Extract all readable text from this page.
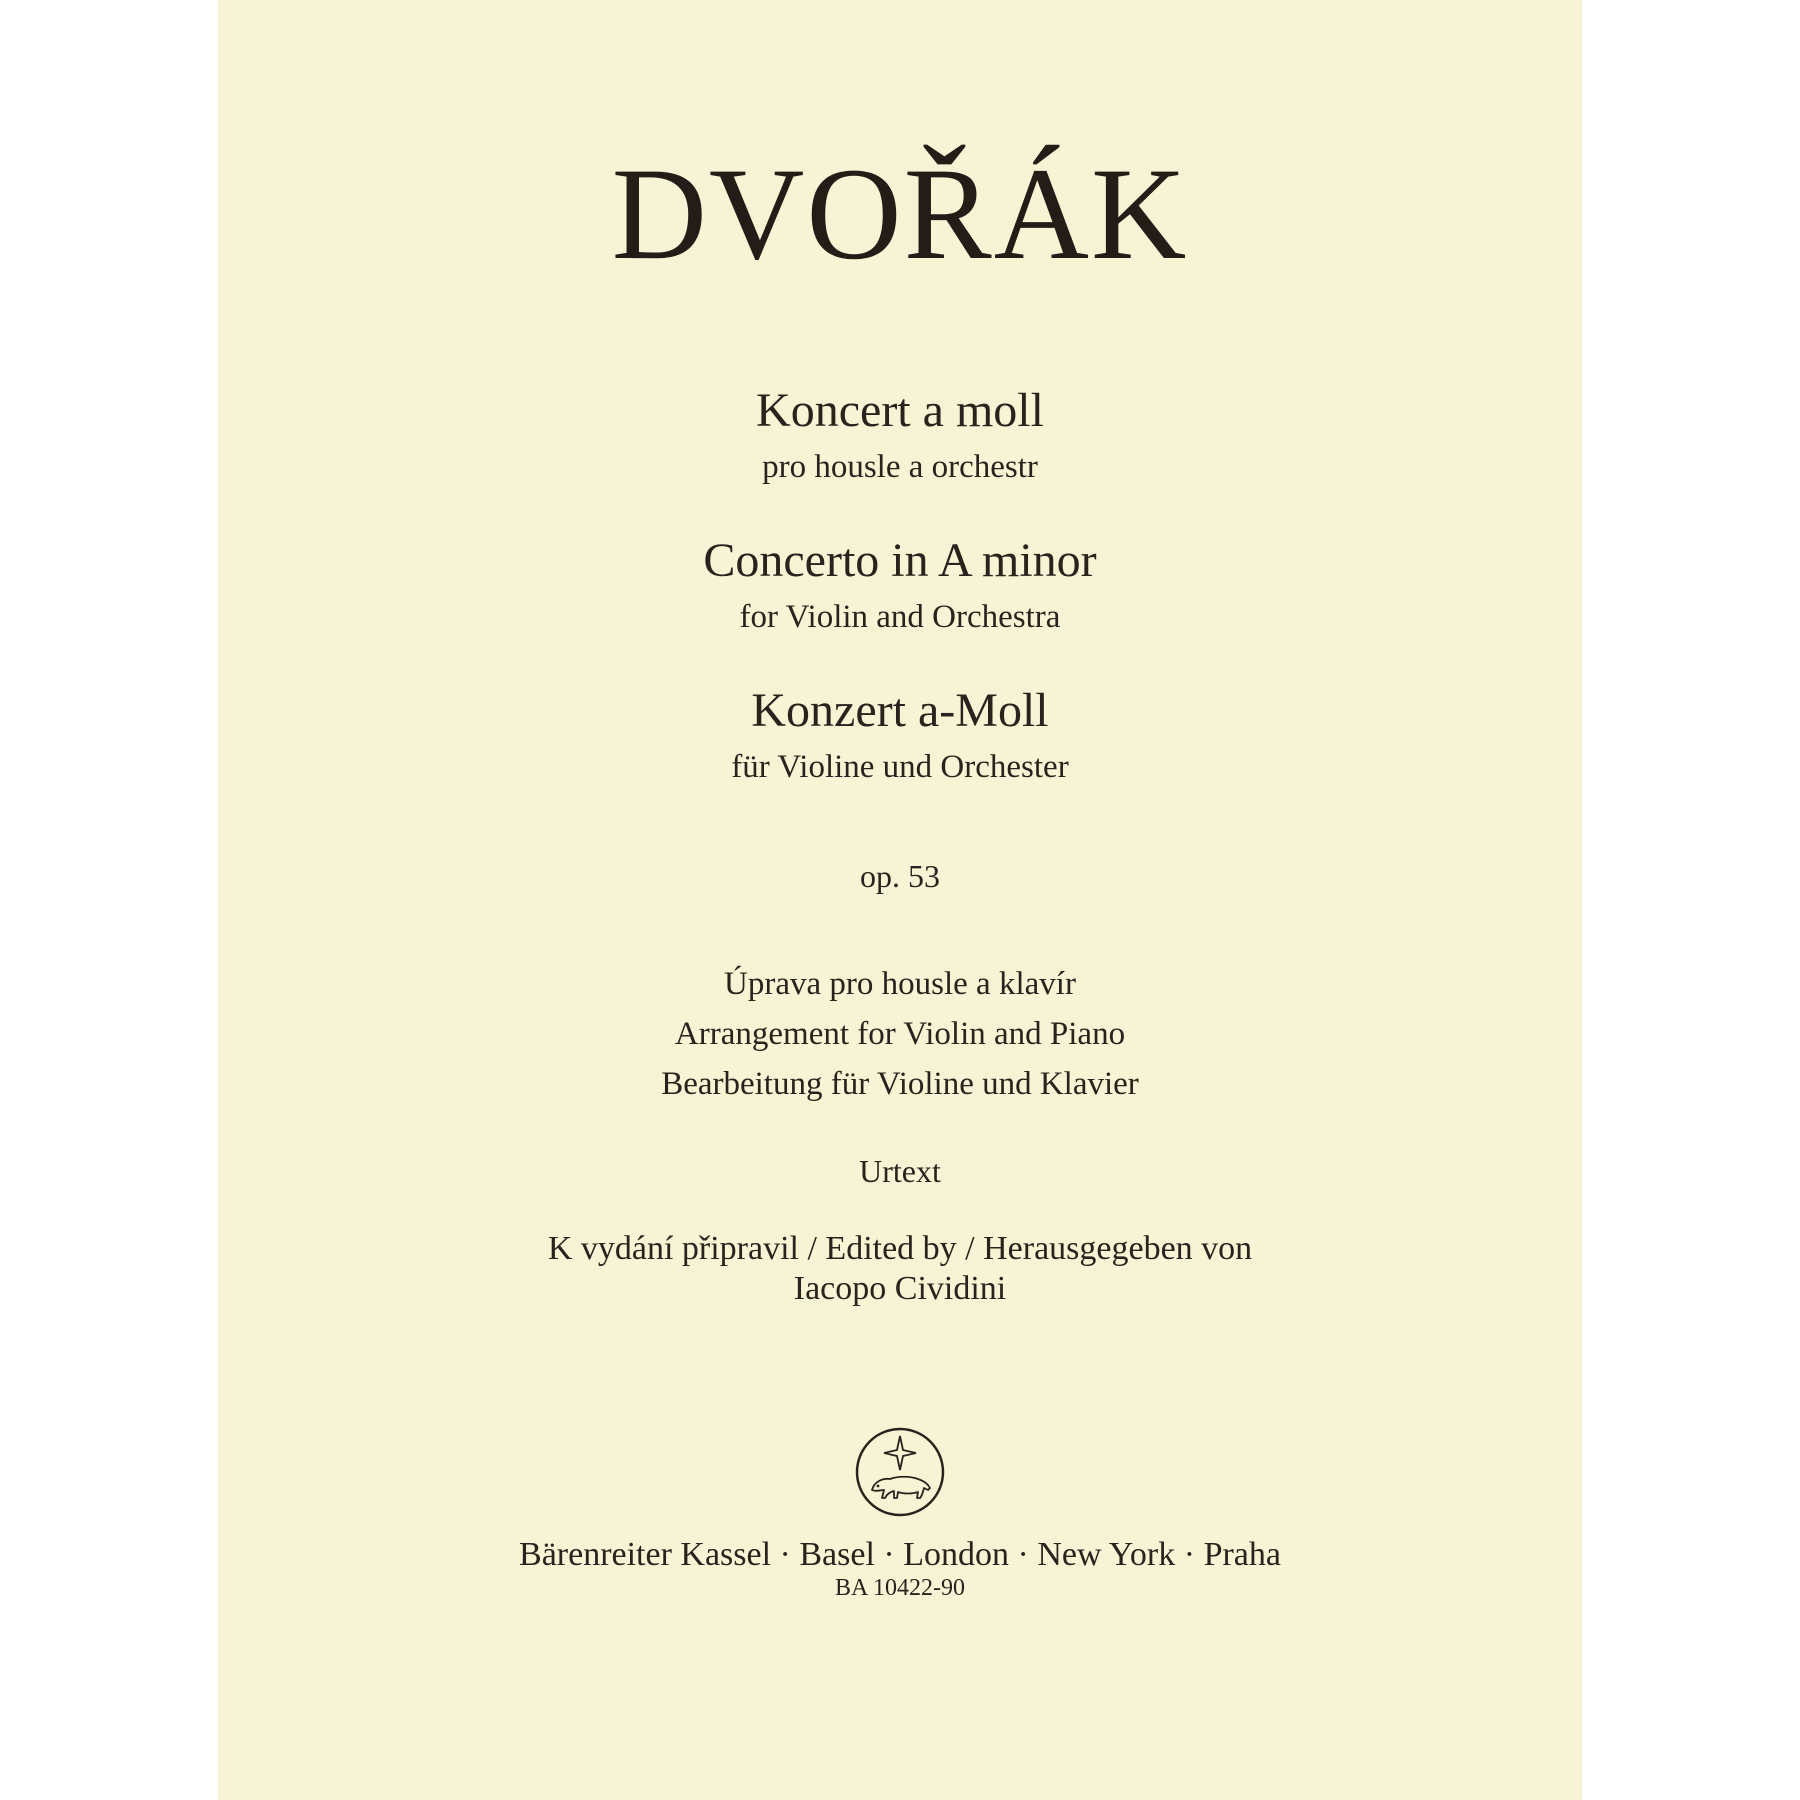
DVOŘÁK
Koncert a moll
pro housle a orchestr
Concerto in A minor
for Violin and Orchestra
Konzert a-Moll
für Violine und Orchester
op. 53
Úprava pro housle a klavír
Arrangement for Violin and Piano
Bearbeitung für Violine und Klavier
Urtext
K vydání připravil / Edited by / Herausgegeben von
Iacopo Cividini
Bärenreiter Kassel · Basel · London · New York · Praha
BA 10422-90
